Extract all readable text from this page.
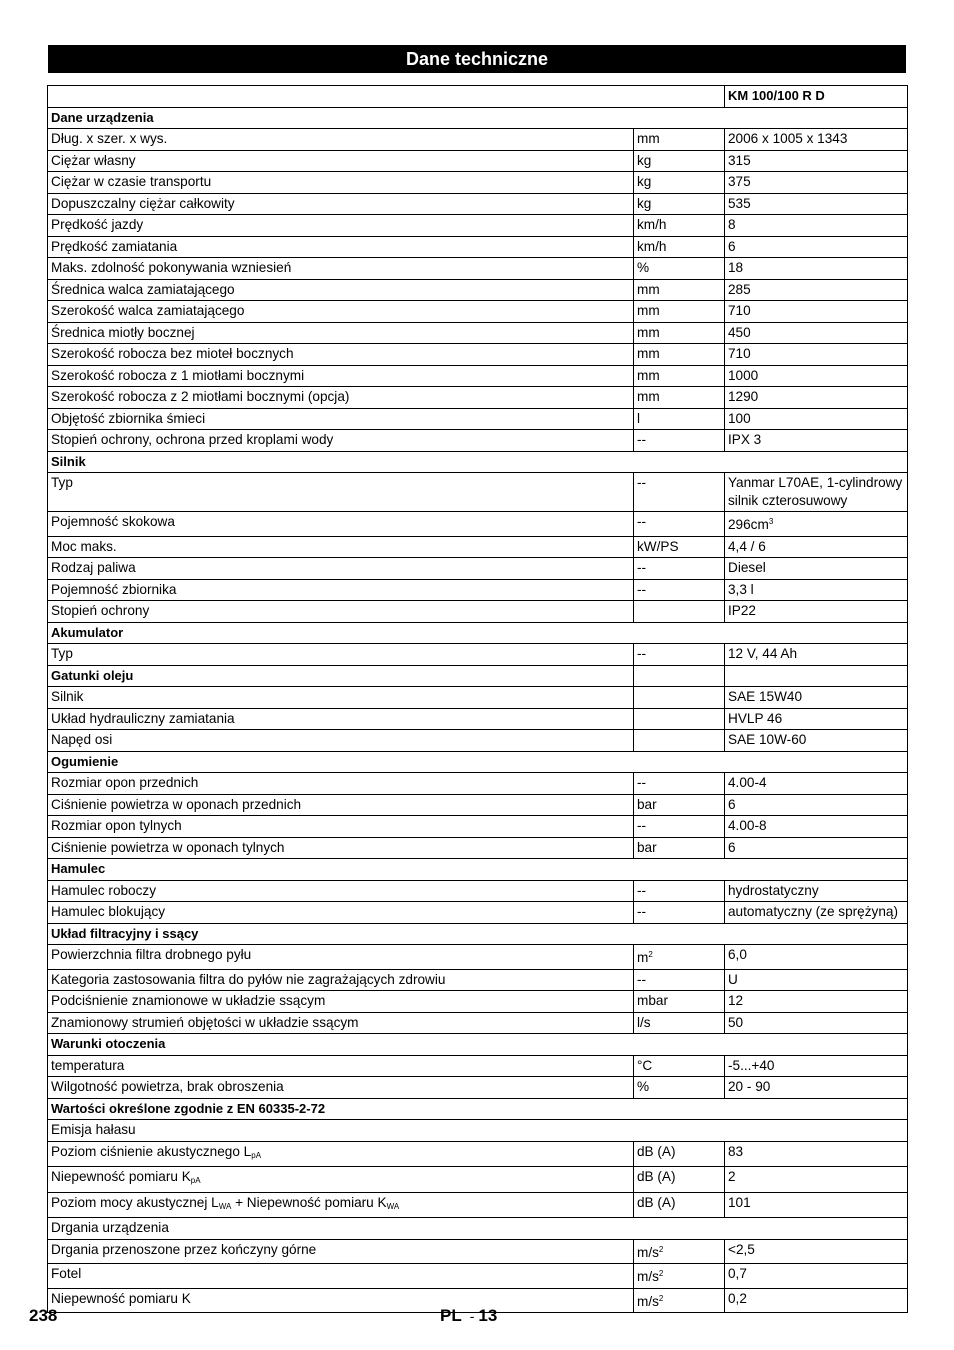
Dane techniczne
		KM 100/100 R D
Dane urządzenia		
Dług. x szer. x wys.	mm	2006 x 1005 x 1343
Ciężar własny	kg	315
Ciężar w czasie transportu	kg	375
Dopuszczalny ciężar całkowity	kg	535
Prędkość jazdy	km/h	8
Prędkość zamiatania	km/h	6
Maks. zdolność pokonywania wzniesień	%	18
Średnica walca zamiatającego	mm	285
Szerokość walca zamiatającego	mm	710
Średnica miotły bocznej	mm	450
Szerokość robocza bez mioteł bocznych	mm	710
Szerokość robocza z 1 miotłami bocznymi	mm	1000
Szerokość robocza z 2 miotłami bocznymi (opcja)	mm	1290
Objętość zbiornika śmieci	l	100
Stopień ochrony, ochrona przed kroplami wody	--	IPX 3
Silnik		
Typ	--	Yanmar L70AE, 1-cylindrowy silnik czterosuwowy
Pojemność skokowa	--	$296cm^3$
Moc maks.	kW/PS	4,4 / 6
Rodzaj paliwa	--	Diesel
Pojemność zbiornika	--	3,3 l
Stopień ochrony		IP22
Akumulator		
Typ	--	12 V, 44 Ah
Gatunki oleju		
Silnik		SAE 15W40
Układ hydrauliczny zamiatania		HVLP 46
Napęd osi		SAE 10W-60
Ogumienie		
Rozmiar opon przednich	--	4.00-4
Ciśnienie powietrza w oponach przednich	bar	6
Rozmiar opon tylnych	--	4.00-8
Ciśnienie powietrza w oponach tylnych	bar	6
Hamulec		
Hamulec roboczy	--	hydrostatyczny
Hamulec blokujący	--	automatyczny (ze sprężyną)
Układ filtracyjny i ssący		
Powierzchnia filtra drobnego pyłu	$m^2$	6,0
Kategoria zastosowania filtra do pyłów nie zagrażających zdrowiu	--	U
Podciśnienie znamionowe w układzie ssącym	mbar	12
Znamionowy strumień objętości w układzie ssącym	l/s	50
Warunki otoczenia		
temperatura	°C	-5...+40
Wilgotność powietrza, brak obroszenia	%	20 - 90
Wartości określone zgodnie z EN 60335-2-72		
Emisja hałasu		
Poziom ciśnienie akustycznego $L_{pA}$	dB (A)	83
Niepewność pomiaru $K_{pA}$	dB (A)	2
Poziom mocy akustycznej $L_{WA}$ + Niepewność pomiaru $K_{WA}$	dB (A)	101
Drgania urządzenia		
Drgania przenoszone przez kończyny górne	$m/s^2$	<2,5
Fotel	$m/s^2$	0,7
Niepewność pomiaru K	$m/s^2$	0,2
238	PL - 13
